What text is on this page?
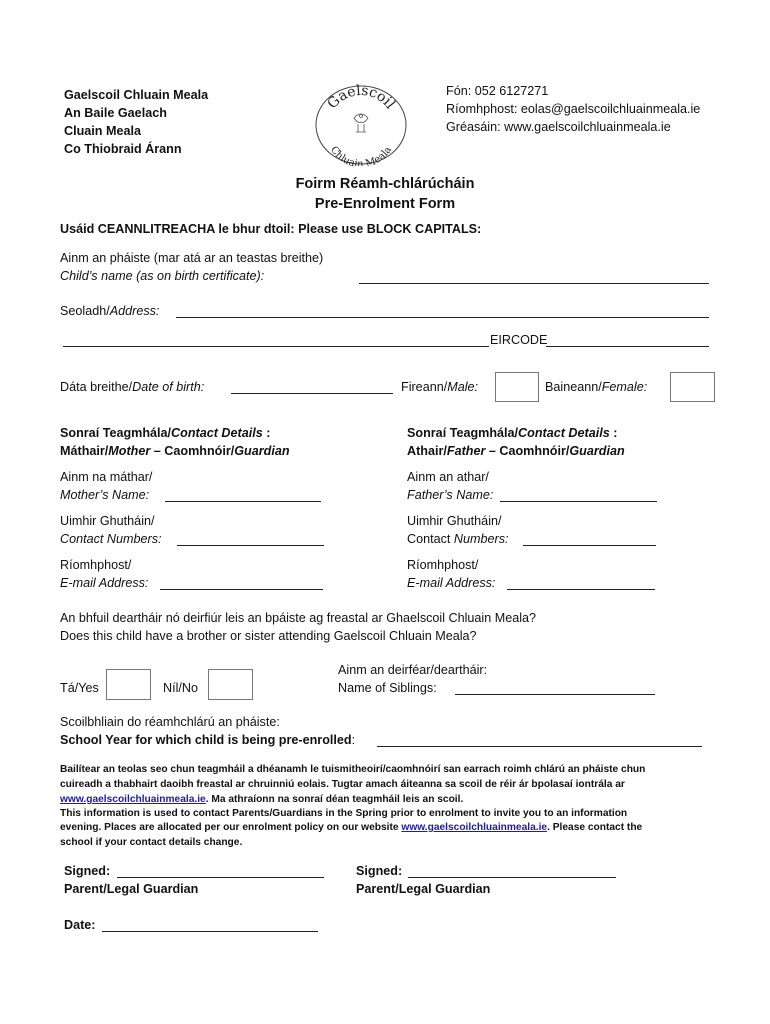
Gaelscoil Chluain Meala
An Baile Gaelach
Cluain Meala
Co Thiobraid Árann
Gaelscoil
Chluain Meala
Fón: 052 6127271
Ríomhphost: eolas@gaelscoilchluainmeala.ie
Gréasáin: www.gaelscoilchluainmeala.ie
Foirm Réamh-chlárúcháin
Pre-Enrolment Form
Usáid CEANNLITREACHA le bhur dtoil: Please use BLOCK CAPITALS:
Ainm an pháiste (mar atá ar an teastas breithe)
Child’s name (as on birth certificate):
Seoladh/Address:
EIRCODE
Dáta breithe/Date of birth:	Fireann/Male:	Baineann/Female:
Sonraí Teagmhála/Contact Details :
Máthair/Mother – Caomhnóir/Guardian
Ainm na máthar/
Mother’s Name:
Uimhir Ghutháin/
Contact Numbers:
Ríomhphost/
E-mail Address:
Sonraí Teagmhála/Contact Details :
Athair/Father – Caomhnóir/Guardian
Ainm an athar/
Father’s Name:
Uimhir Ghutháin/
Contact Numbers:
Ríomhphost/
E-mail Address:
An bhfuil deartháir nó deirfiúr leis an bpáiste ag freastal ar Ghaelscoil Chluain Meala?
Does this child have a brother or sister attending Gaelscoil Chluain Meala?
Tá/Yes	Níl/No
Ainm an deirféar/deartháir:
Name of Siblings:
Scoilbhliain do réamhchlárú an pháiste:
School Year for which child is being pre-enrolled:
Bailítear an teolas seo chun teagmháil a dhéanamh le tuismitheoirí/caomhnóirí san earrach roimh chlárú an pháiste chun
cuireadh a thabhairt daoibh freastal ar chruinniú eolais. Tugtar amach áiteanna sa scoil de réir ár bpolasaí iontrála ar
www.gaelscoilchluainmeala.ie. Ma athraíonn na sonraí déan teagmháil leis an scoil.
This information is used to contact Parents/Guardians in the Spring prior to enrolment to invite you to an information
evening. Places are allocated per our enrolment policy on our website www.gaelscoilchluainmeala.ie. Please contact the
school if your contact details change.
Signed:
Parent/Legal Guardian
Signed:
Parent/Legal Guardian
Date:
